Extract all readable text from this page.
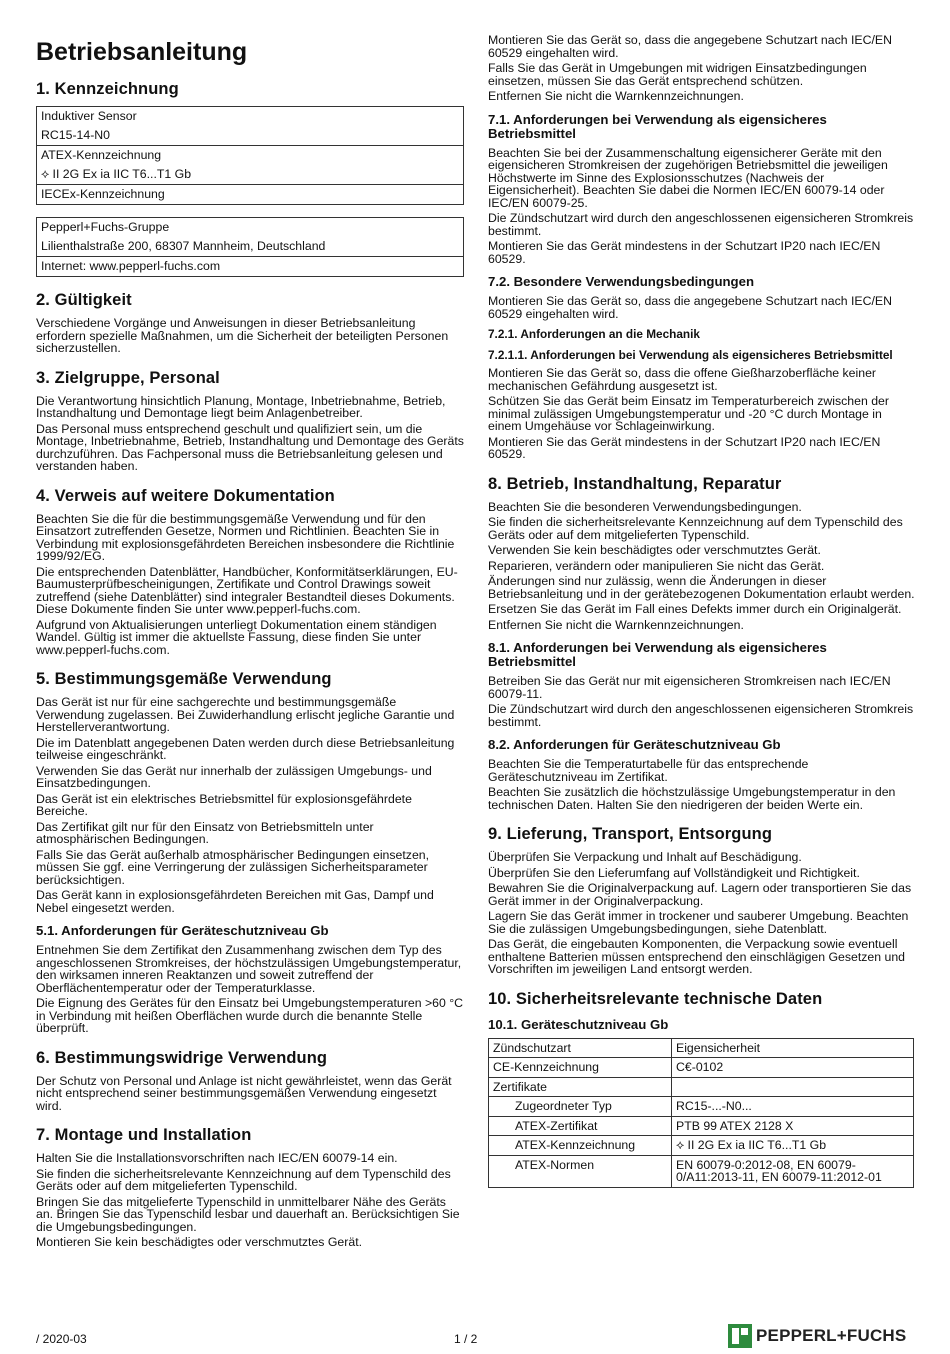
Betriebsanleitung
1. Kennzeichnung
Induktiver Sensor
RC15-14-N0
ATEX-Kennzeichnung
⟡ II 2G Ex ia IIC T6...T1 Gb
IECEx-Kennzeichnung
Pepperl+Fuchs-Gruppe
Lilienthalstraße 200, 68307 Mannheim, Deutschland
Internet: www.pepperl-fuchs.com
2. Gültigkeit

Verschiedene Vorgänge und Anweisungen in dieser Betriebsanleitung erfordern spezielle Maßnahmen, um die Sicherheit der beteiligten Personen sicherzustellen.

3. Zielgruppe, Personal

Die Verantwortung hinsichtlich Planung, Montage, Inbetriebnahme, Betrieb, Instandhaltung und Demontage liegt beim Anlagenbetreiber.

Das Personal muss entsprechend geschult und qualifiziert sein, um die Montage, Inbetriebnahme, Betrieb, Instandhaltung und Demontage des Geräts durchzuführen. Das Fachpersonal muss die Betriebsanleitung gelesen und verstanden haben.

4. Verweis auf weitere Dokumentation

Beachten Sie die für die bestimmungsgemäße Verwendung und für den Einsatzort zutreffenden Gesetze, Normen und Richtlinien. Beachten Sie in Verbindung mit explosionsgefährdeten Bereichen insbesondere die Richtlinie 1999/92/EG.

Die entsprechenden Datenblätter, Handbücher, Konformitätserklärungen, EU-Baumusterprüfbescheinigungen, Zertifikate und Control Drawings soweit zutreffend (siehe Datenblätter) sind integraler Bestandteil dieses Dokuments. Diese Dokumente finden Sie unter www.pepperl-fuchs.com.

Aufgrund von Aktualisierungen unterliegt Dokumentation einem ständigen Wandel. Gültig ist immer die aktuellste Fassung, diese finden Sie unter www.pepperl-fuchs.com.

5. Bestimmungsgemäße Verwendung

Das Gerät ist nur für eine sachgerechte und bestimmungsgemäße Verwendung zugelassen. Bei Zuwiderhandlung erlischt jegliche Garantie und Herstellerverantwortung.

Die im Datenblatt angegebenen Daten werden durch diese Betriebsanleitung teilweise eingeschränkt.

Verwenden Sie das Gerät nur innerhalb der zulässigen Umgebungs- und Einsatzbedingungen.

Das Gerät ist ein elektrisches Betriebsmittel für explosionsgefährdete Bereiche.

Das Zertifikat gilt nur für den Einsatz von Betriebsmitteln unter atmosphärischen Bedingungen.

Falls Sie das Gerät außerhalb atmosphärischer Bedingungen einsetzen, müssen Sie ggf. eine Verringerung der zulässigen Sicherheitsparameter berücksichtigen.

Das Gerät kann in explosionsgefährdeten Bereichen mit Gas, Dampf und Nebel eingesetzt werden.

5.1. Anforderungen für Geräteschutzniveau Gb

Entnehmen Sie dem Zertifikat den Zusammenhang zwischen dem Typ des angeschlossenen Stromkreises, der höchstzulässigen Umgebungstemperatur, den wirksamen inneren Reaktanzen und soweit zutreffend der Oberflächentemperatur oder der Temperaturklasse.

Die Eignung des Gerätes für den Einsatz bei Umgebungstemperaturen >60 °C in Verbindung mit heißen Oberflächen wurde durch die benannte Stelle überprüft.

6. Bestimmungswidrige Verwendung

Der Schutz von Personal und Anlage ist nicht gewährleistet, wenn das Gerät nicht entsprechend seiner bestimmungsgemäßen Verwendung eingesetzt wird.

7. Montage und Installation

Halten Sie die Installationsvorschriften nach IEC/EN 60079-14 ein.

Sie finden die sicherheitsrelevante Kennzeichnung auf dem Typenschild des Geräts oder auf dem mitgelieferten Typenschild.

Bringen Sie das mitgelieferte Typenschild in unmittelbarer Nähe des Geräts an. Bringen Sie das Typenschild lesbar und dauerhaft an. Berücksichtigen Sie die Umgebungsbedingungen.

Montieren Sie kein beschädigtes oder verschmutztes Gerät.

Montieren Sie das Gerät so, dass die angegebene Schutzart nach IEC/EN 60529 eingehalten wird.

Falls Sie das Gerät in Umgebungen mit widrigen Einsatzbedingungen einsetzen, müssen Sie das Gerät entsprechend schützen.

Entfernen Sie nicht die Warnkennzeichnungen.

7.1. Anforderungen bei Verwendung als eigensicheres Betriebsmittel

Beachten Sie bei der Zusammenschaltung eigensicherer Geräte mit den eigensicheren Stromkreisen der zugehörigen Betriebsmittel die jeweiligen Höchstwerte im Sinne des Explosionsschutzes (Nachweis der Eigensicherheit). Beachten Sie dabei die Normen IEC/EN 60079-14 oder IEC/EN 60079-25.

Die Zündschutzart wird durch den angeschlossenen eigensicheren Stromkreis bestimmt.

Montieren Sie das Gerät mindestens in der Schutzart IP20 nach IEC/EN 60529.

7.2. Besondere Verwendungsbedingungen

Montieren Sie das Gerät so, dass die angegebene Schutzart nach IEC/EN 60529 eingehalten wird.

7.2.1. Anforderungen an die Mechanik
7.2.1.1. Anforderungen bei Verwendung als eigensicheres Betriebsmittel

Montieren Sie das Gerät so, dass die offene Gießharzoberfläche keiner mechanischen Gefährdung ausgesetzt ist.

Schützen Sie das Gerät beim Einsatz im Temperaturbereich zwischen der minimal zulässigen Umgebungstemperatur und -20 °C durch Montage in einem Umgehäuse vor Schlageinwirkung.

Montieren Sie das Gerät mindestens in der Schutzart IP20 nach IEC/EN 60529.

8. Betrieb, Instandhaltung, Reparatur

Beachten Sie die besonderen Verwendungsbedingungen.

Sie finden die sicherheitsrelevante Kennzeichnung auf dem Typenschild des Geräts oder auf dem mitgelieferten Typenschild.

Verwenden Sie kein beschädigtes oder verschmutztes Gerät.

Reparieren, verändern oder manipulieren Sie nicht das Gerät.

Änderungen sind nur zulässig, wenn die Änderungen in dieser Betriebsanleitung und in der gerätebezogenen Dokumentation erlaubt werden.

Ersetzen Sie das Gerät im Fall eines Defekts immer durch ein Originalgerät.

Entfernen Sie nicht die Warnkennzeichnungen.

8.1. Anforderungen bei Verwendung als eigensicheres Betriebsmittel

Betreiben Sie das Gerät nur mit eigensicheren Stromkreisen nach IEC/EN 60079-11.

Die Zündschutzart wird durch den angeschlossenen eigensicheren Stromkreis bestimmt.

8.2. Anforderungen für Geräteschutzniveau Gb

Beachten Sie die Temperaturtabelle für das entsprechende Geräteschutzniveau im Zertifikat.

Beachten Sie zusätzlich die höchstzulässige Umgebungstemperatur in den technischen Daten. Halten Sie den niedrigeren der beiden Werte ein.

9. Lieferung, Transport, Entsorgung

Überprüfen Sie Verpackung und Inhalt auf Beschädigung.

Überprüfen Sie den Lieferumfang auf Vollständigkeit und Richtigkeit.

Bewahren Sie die Originalverpackung auf. Lagern oder transportieren Sie das Gerät immer in der Originalverpackung.

Lagern Sie das Gerät immer in trockener und sauberer Umgebung. Beachten Sie die zulässigen Umgebungsbedingungen, siehe Datenblatt.

Das Gerät, die eingebauten Komponenten, die Verpackung sowie eventuell enthaltene Batterien müssen entsprechend den einschlägigen Gesetzen und Vorschriften im jeweiligen Land entsorgt werden.

10. Sicherheitsrelevante technische Daten
10.1. Geräteschutzniveau Gb
Zündschutzart	Eigensicherheit
CE-Kennzeichnung	C€-0102
Zertifikate	
Zugeordneter Typ	RC15-...-N0...
ATEX-Zertifikat	PTB 99 ATEX 2128 X
ATEX-Kennzeichnung	⟡ II 2G Ex ia IIC T6...T1 Gb
ATEX-Normen	EN 60079-0:2012-08, EN 60079-0/A11:2013-11, EN 60079-11:2012-01
/ 2020-03	1 / 2	PEPPERL+FUCHS
